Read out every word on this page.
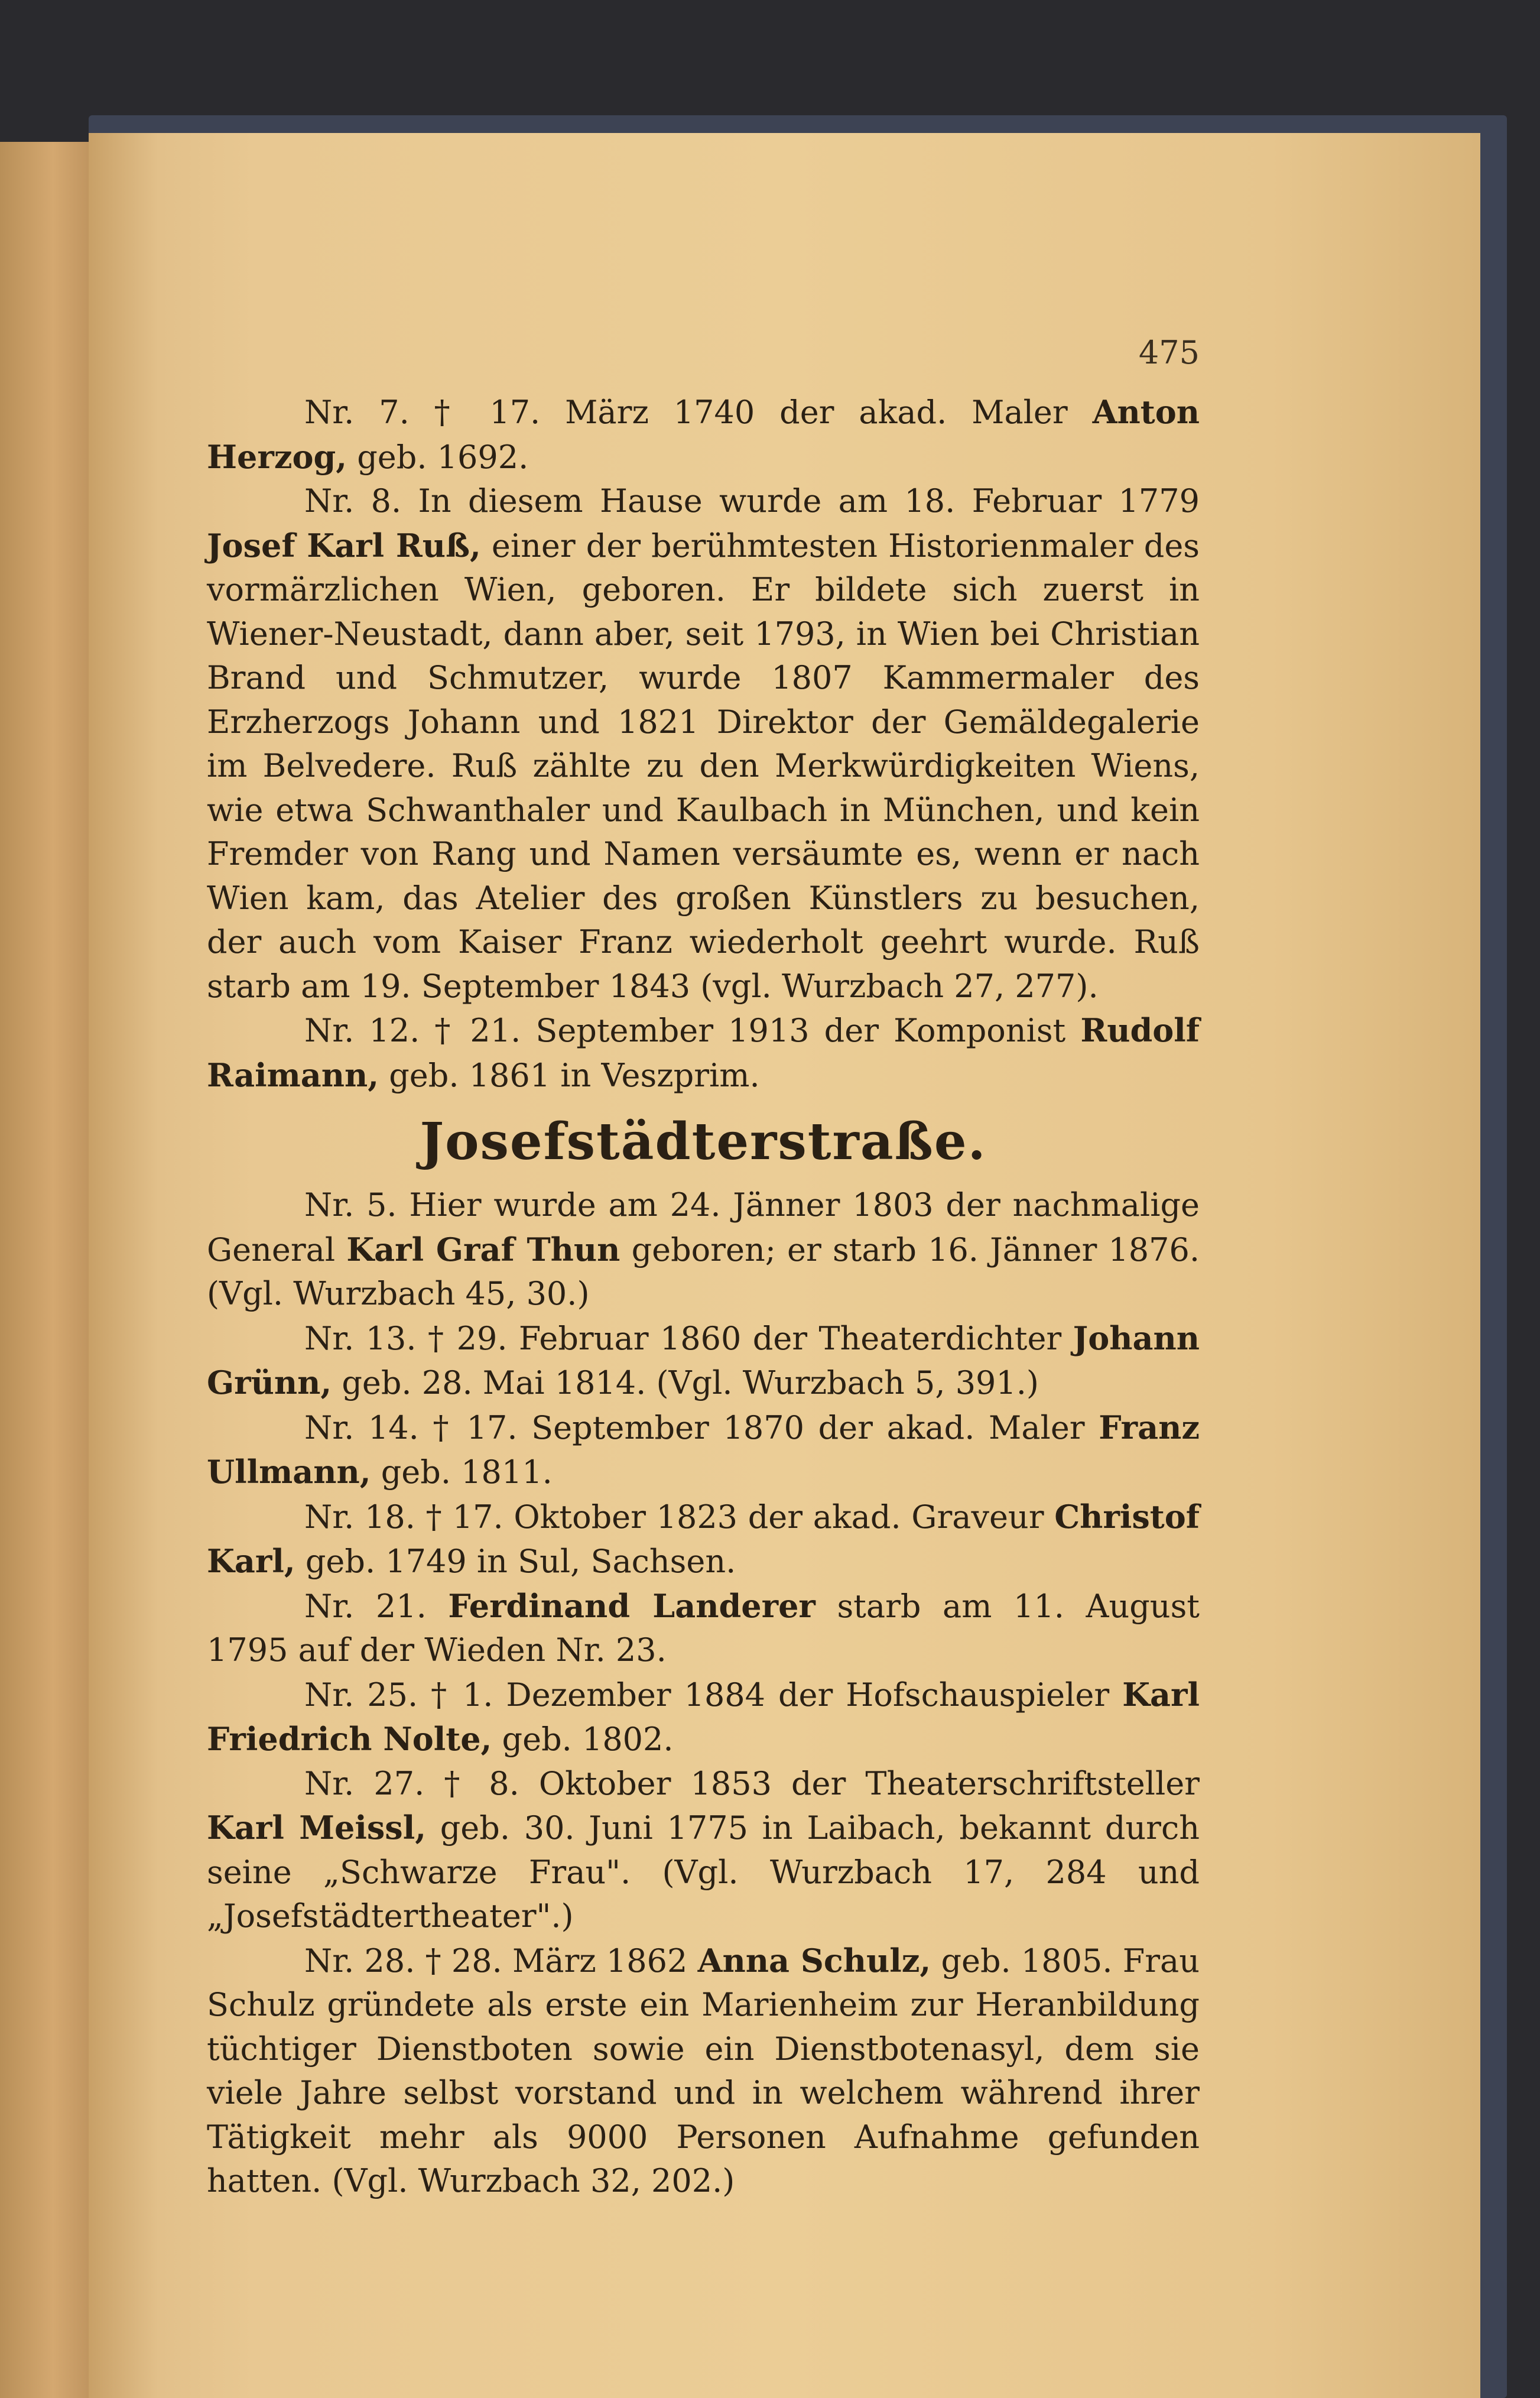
475

Nr. 7. † 17. März 1740 der akad. Maler Anton Herzog, geb. 1692.

Nr. 8. In diesem Hause wurde am 18. Februar 1779 Josef Karl Ruß, einer der berühmtesten Historienmaler des vormärzlichen Wien, geboren. Er bildete sich zuerst in Wiener-Neustadt, dann aber, seit 1793, in Wien bei Christian Brand und Schmutzer, wurde 1807 Kammermaler des Erzherzogs Johann und 1821 Direktor der Gemäldegalerie im Belvedere. Ruß zählte zu den Merkwürdigkeiten Wiens, wie etwa Schwanthaler und Kaulbach in München, und kein Fremder von Rang und Namen versäumte es, wenn er nach Wien kam, das Atelier des großen Künstlers zu besuchen, der auch vom Kaiser Franz wiederholt geehrt wurde. Ruß starb am 19. September 1843 (vgl. Wurzbach 27, 277).

Nr. 12. † 21. September 1913 der Komponist Rudolf Raimann, geb. 1861 in Veszprim.

Josefstädterstraße.

Nr. 5. Hier wurde am 24. Jänner 1803 der nachmalige General Karl Graf Thun geboren; er starb 16. Jänner 1876. (Vgl. Wurzbach 45, 30.)

Nr. 13. † 29. Februar 1860 der Theaterdichter Johann Grünn, geb. 28. Mai 1814. (Vgl. Wurzbach 5, 391.)

Nr. 14. † 17. September 1870 der akad. Maler Franz Ullmann, geb. 1811.

Nr. 18. † 17. Oktober 1823 der akad. Graveur Christof Karl, geb. 1749 in Sul, Sachsen.

Nr. 21. Ferdinand Landerer starb am 11. August 1795 auf der Wieden Nr. 23.

Nr. 25. † 1. Dezember 1884 der Hofschauspieler Karl Friedrich Nolte, geb. 1802.

Nr. 27. † 8. Oktober 1853 der Theaterschriftsteller Karl Meissl, geb. 30. Juni 1775 in Laibach, bekannt durch seine „Schwarze Frau". (Vgl. Wurzbach 17, 284 und „Josefstädtertheater".)

Nr. 28. † 28. März 1862 Anna Schulz, geb. 1805. Frau Schulz gründete als erste ein Marienheim zur Heranbildung tüchtiger Dienstboten sowie ein Dienstbotenasyl, dem sie viele Jahre selbst vorstand und in welchem während ihrer Tätigkeit mehr als 9000 Personen Aufnahme gefunden hatten. (Vgl. Wurzbach 32, 202.)
